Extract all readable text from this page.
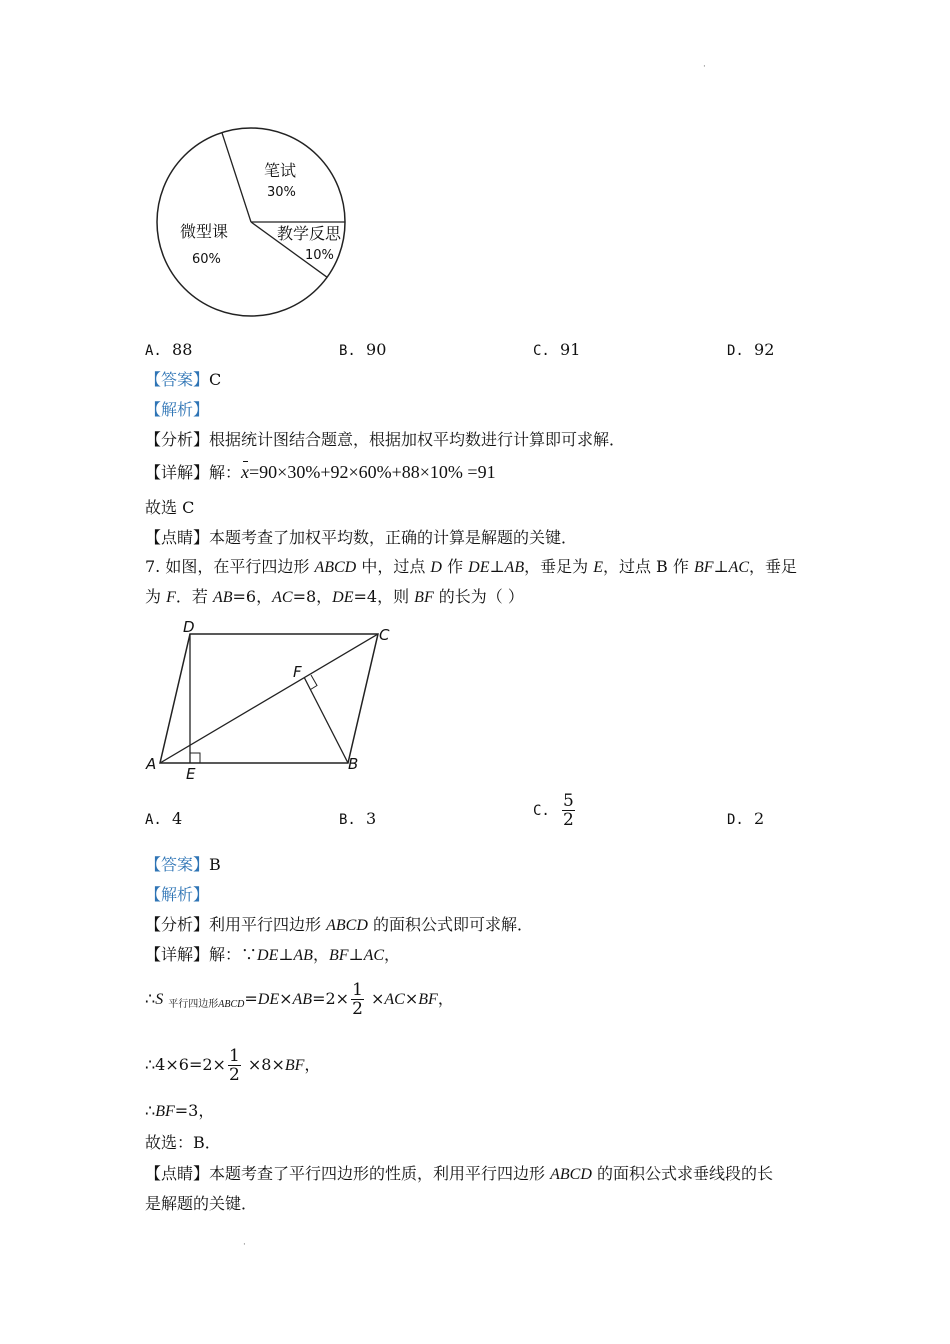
·
·
笔试
30%
教学反思
10%
微型课
60%
A. 88	B. 90	C. 91	D. 92
【答案】C
【解析】
【分析】根据统计图结合题意，根据加权平均数进行计算即可求解．
【详解】解：x=90×30%+92×60%+88×10% =91
故选 C
【点睛】本题考查了加权平均数，正确的计算是解题的关键．
7. 如图，在平行四边形 ABCD 中，过点 D 作 DE⊥AB，垂足为 E，过点 B 作 BF⊥AC，垂足
为 F．若 AB=6，AC=8，DE=4，则 BF 的长为（ ）
A	B
C
D
E
F
A. 4	B. 3	C. $\frac{5}{2}$	D. 2
【答案】B
【解析】
【分析】利用平行四边形 ABCD 的面积公式即可求解．
【详解】解：∵DE⊥AB，BF⊥AC，
∴S $_{平行四边形ABCD}=DE\times AB=2\times \frac{1}{2} \times AC\times BF$，
∴4×6=2× $\frac{1}{2} \times 8\times BF$，
∴BF=3，
故选：B．
【点睛】本题考查了平行四边形的性质，利用平行四边形 ABCD 的面积公式求垂线段的长
是解题的关键．
